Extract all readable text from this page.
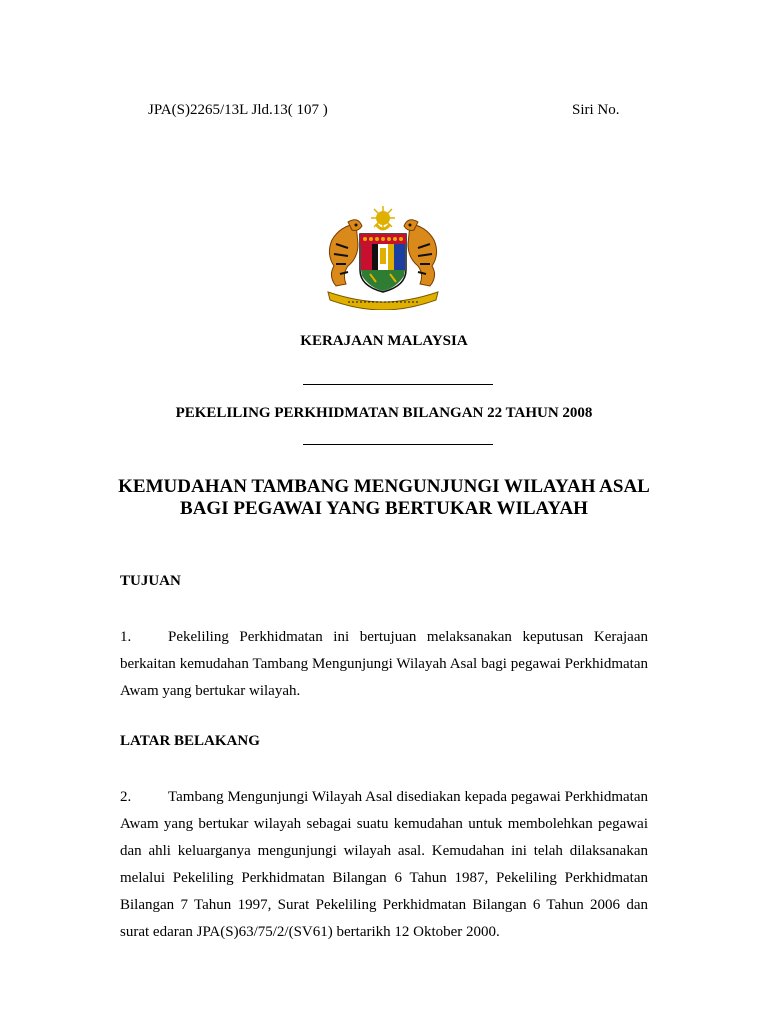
JPA(S)2265/13L Jld.13( 107 )	Siri No.
KERAJAAN MALAYSIA
PEKELILING PERKHIDMATAN BILANGAN 22 TAHUN 2008
KEMUDAHAN TAMBANG MENGUNJUNGI WILAYAH ASAL
BAGI PEGAWAI YANG BERTUKAR WILAYAH
TUJUAN
1. Pekeliling Perkhidmatan ini bertujuan melaksanakan keputusan Kerajaan berkaitan kemudahan Tambang Mengunjungi Wilayah Asal bagi pegawai Perkhidmatan Awam yang bertukar wilayah.
LATAR BELAKANG
2. Tambang Mengunjungi Wilayah Asal disediakan kepada pegawai Perkhidmatan Awam yang bertukar wilayah sebagai suatu kemudahan untuk membolehkan pegawai dan ahli keluarganya mengunjungi wilayah asal. Kemudahan ini telah dilaksanakan melalui Pekeliling Perkhidmatan Bilangan 6 Tahun 1987, Pekeliling Perkhidmatan Bilangan 7 Tahun 1997, Surat Pekeliling Perkhidmatan Bilangan 6 Tahun 2006 dan surat edaran JPA(S)63/75/2/(SV61) bertarikh 12 Oktober 2000.
